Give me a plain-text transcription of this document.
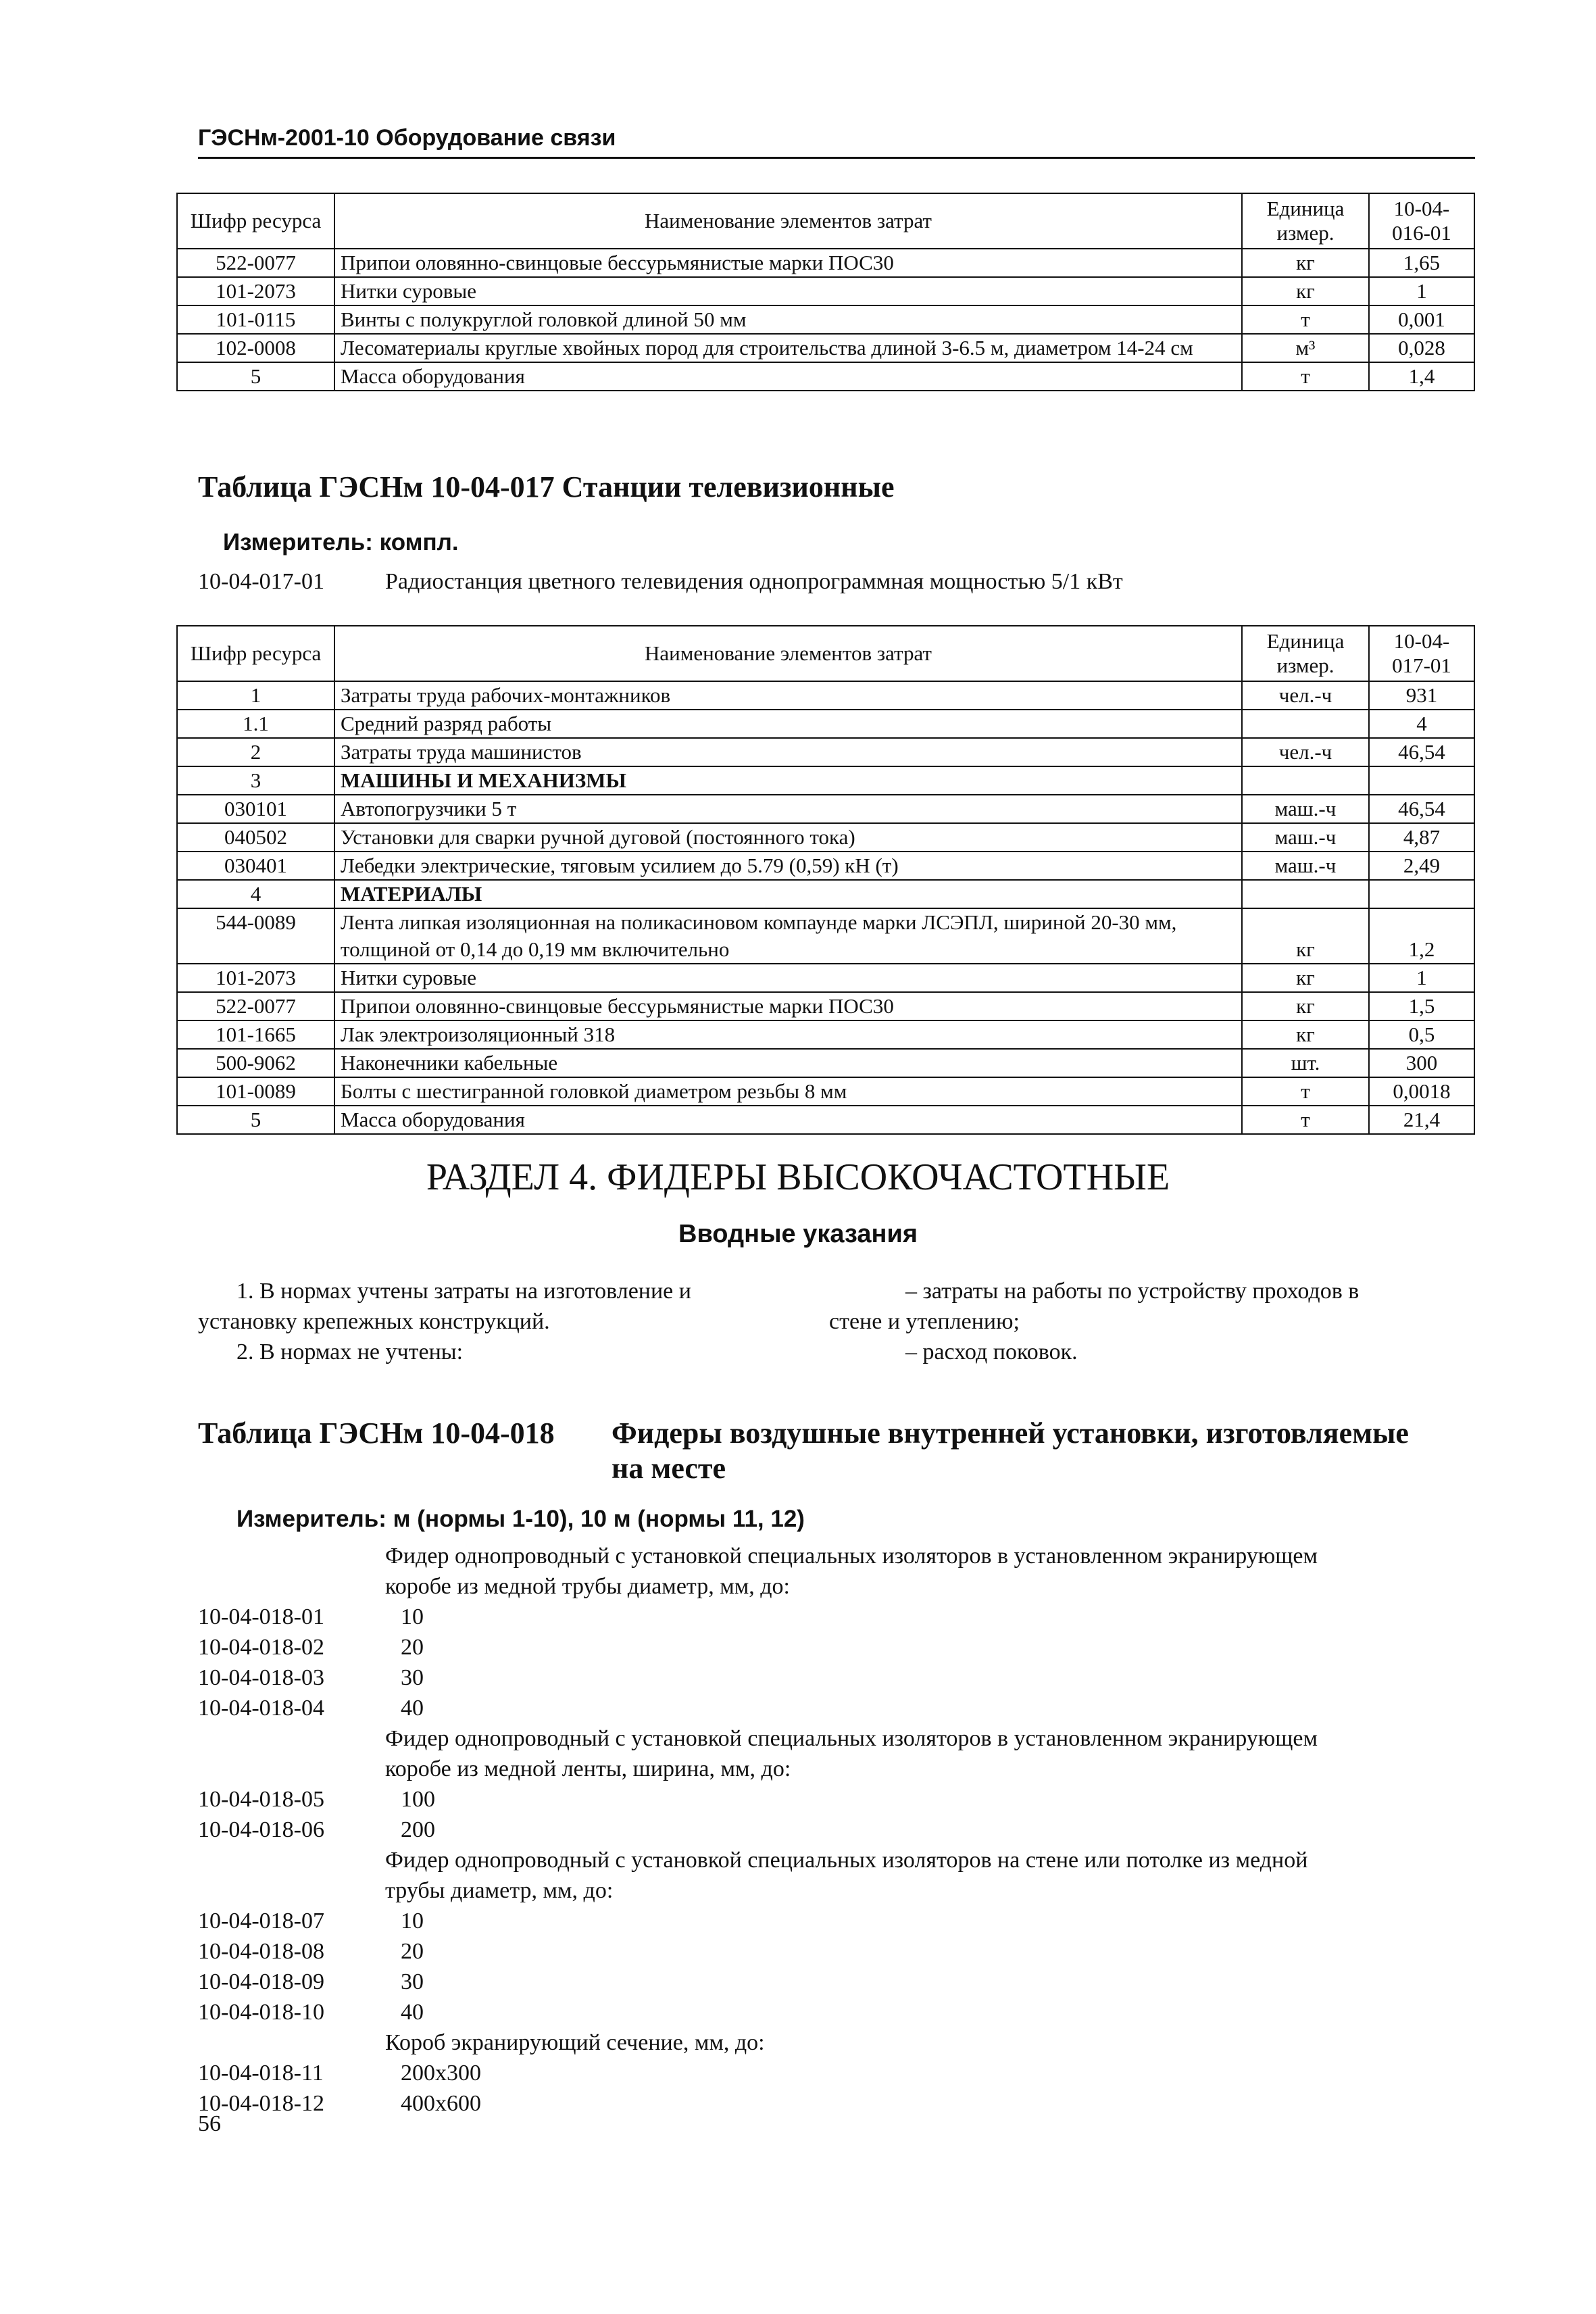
ГЭСНм-2001-10 Оборудование связи
Шифр ресурса	Наименование элементов затрат	Единица измер.	10-04-016-01
522-0077	Припои оловянно-свинцовые бессурьмянистые марки ПОС30	кг	1,65
101-2073	Нитки суровые	кг	1
101-0115	Винты с полукруглой головкой длиной 50 мм	т	0,001
102-0008	Лесоматериалы круглые хвойных пород для строительства длиной 3-6.5 м, диаметром 14-24 см	м³	0,028
5	Масса оборудования	т	1,4
Таблица ГЭСНм 10-04-017 Станции телевизионные
Измеритель: компл.
10-04-017-01	Радиостанция цветного телевидения однопрограммная мощностью 5/1 кВт
Шифр ресурса	Наименование элементов затрат	Единица измер.	10-04-017-01
1	Затраты труда рабочих-монтажников	чел.-ч	931
1.1	Средний разряд работы		4
2	Затраты труда машинистов	чел.-ч	46,54
3	МАШИНЫ И МЕХАНИЗМЫ		
030101	Автопогрузчики 5 т	маш.-ч	46,54
040502	Установки для сварки ручной дуговой (постоянного тока)	маш.-ч	4,87
030401	Лебедки электрические, тяговым усилием до 5.79 (0,59) кН (т)	маш.-ч	2,49
4	МАТЕРИАЛЫ		
544-0089	Лента липкая изоляционная на поликасиновом компаунде марки ЛСЭПЛ, шириной 20-30 мм, толщиной от 0,14 до 0,19 мм включительно	кг	1,2
101-2073	Нитки суровые	кг	1
522-0077	Припои оловянно-свинцовые бессурьмянистые марки ПОС30	кг	1,5
101-1665	Лак электроизоляционный 318	кг	0,5
500-9062	Наконечники кабельные	шт.	300
101-0089	Болты с шестигранной головкой диаметром резьбы 8 мм	т	0,0018
5	Масса оборудования	т	21,4
РАЗДЕЛ 4. ФИДЕРЫ ВЫСОКОЧАСТОТНЫЕ
Вводные указания
1. В нормах учтены затраты на изготовление и
установку крепежных конструкций.
2. В нормах не учтены:
– затраты на работы по устройству проходов в
стене и утеплению;
– расход поковок.
Таблица ГЭСНм 10-04-018 Фидеры воздушные внутренней установки, изготовляемые
на месте
Измеритель: м (нормы 1-10), 10 м (нормы 11, 12)
Фидер однопроводный с установкой специальных изоляторов в установленном экранирующем
коробе из медной трубы диаметр, мм, до:
10-04-018-01	10
10-04-018-02	20
10-04-018-03	30
10-04-018-04	40
Фидер однопроводный с установкой специальных изоляторов в установленном экранирующем
коробе из медной ленты, ширина, мм, до:
10-04-018-05	100
10-04-018-06	200
Фидер однопроводный с установкой специальных изоляторов на стене или потолке из медной
трубы диаметр, мм, до:
10-04-018-07	10
10-04-018-08	20
10-04-018-09	30
10-04-018-10	40
Короб экранирующий сечение, мм, до:
10-04-018-11	200х300
10-04-018-12	400х600
56
